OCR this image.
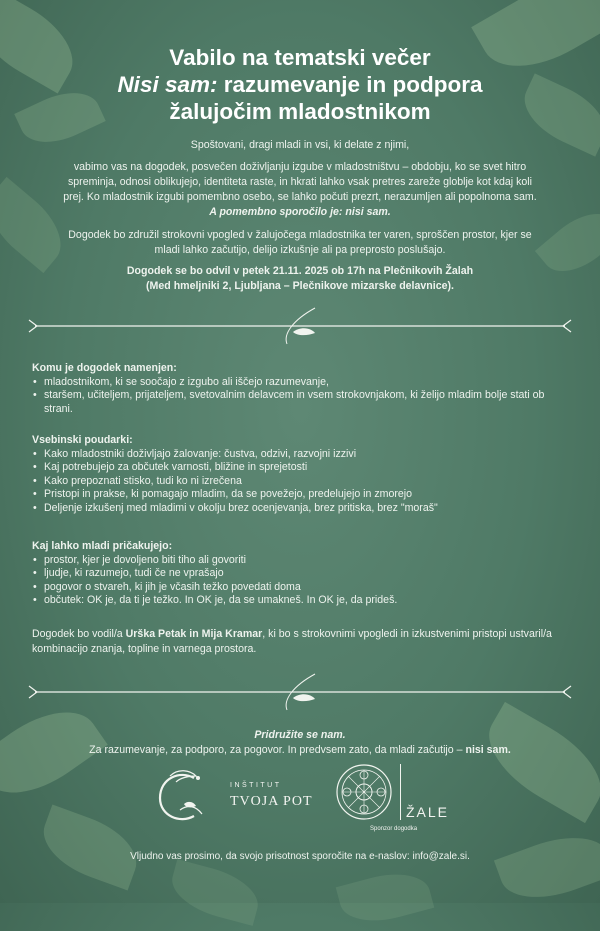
Vabilo na tematski večer
Nisi sam: razumevanje in podpora
žalujočim mladostnikom
Spoštovani, dragi mladi in vsi, ki delate z njimi,
vabimo vas na dogodek, posvečen doživljanju izgube v mladostništvu – obdobju, ko se svet hitro spreminja, odnosi oblikujejo, identiteta raste, in hkrati lahko vsak pretres zareže globlje kot kdaj koli prej. Ko mladostnik izgubi pomembno osebo, se lahko počuti prezrt, nerazumljen ali popolnoma sam. A pomembno sporočilo je: nisi sam.
Dogodek bo združil strokovni vpogled v žalujočega mladostnika ter varen, sproščen prostor, kjer se mladi lahko začutijo, delijo izkušnje ali pa preprosto poslušajo.
Dogodek se bo odvil v petek 21.11. 2025 ob 17h na Plečnikovih Žalah
(Med hmeljniki 2, Ljubljana – Plečnikove mizarske delavnice).
Komu je dogodek namenjen:
• mladostnikom, ki se soočajo z izgubo ali iščejo razumevanje,
• staršem, učiteljem, prijateljem, svetovalnim delavcem in vsem strokovnjakom, ki želijo mladim bolje stati ob strani.
Vsebinski poudarki:
• Kako mladostniki doživljajo žalovanje: čustva, odzivi, razvojni izzivi
• Kaj potrebujejo za občutek varnosti, bližine in sprejetosti
• Kako prepoznati stisko, tudi ko ni izrečena
• Pristopi in prakse, ki pomagajo mladim, da se povežejo, predelujejo in zmorejo
• Deljenje izkušenj med mladimi v okolju brez ocenjevanja, brez pritiska, brez "moraš"
Kaj lahko mladi pričakujejo:
• prostor, kjer je dovoljeno biti tiho ali govoriti
• ljudje, ki razumejo, tudi če ne vprašajo
• pogovor o stvareh, ki jih je včasih težko povedati doma
• občutek: OK je, da ti je težko. In OK je, da se umakneš. In OK je, da prideš.
Dogodek bo vodil/a Urška Petak in Mija Kramar, ki bo s strokovnimi vpogledi in izkustvenimi pristopi ustvaril/a kombinacijo znanja, topline in varnega prostora.
Pridružite se nam.
Za razumevanje, za podporo, za pogovor. In predvsem zato, da mladi začutijo – nisi sam.
INŠTITUT
TVOJA POT
ŽALE
Sponzor dogodka
Vljudno vas prosimo, da svojo prisotnost sporočite na e-naslov: info@zale.si.
